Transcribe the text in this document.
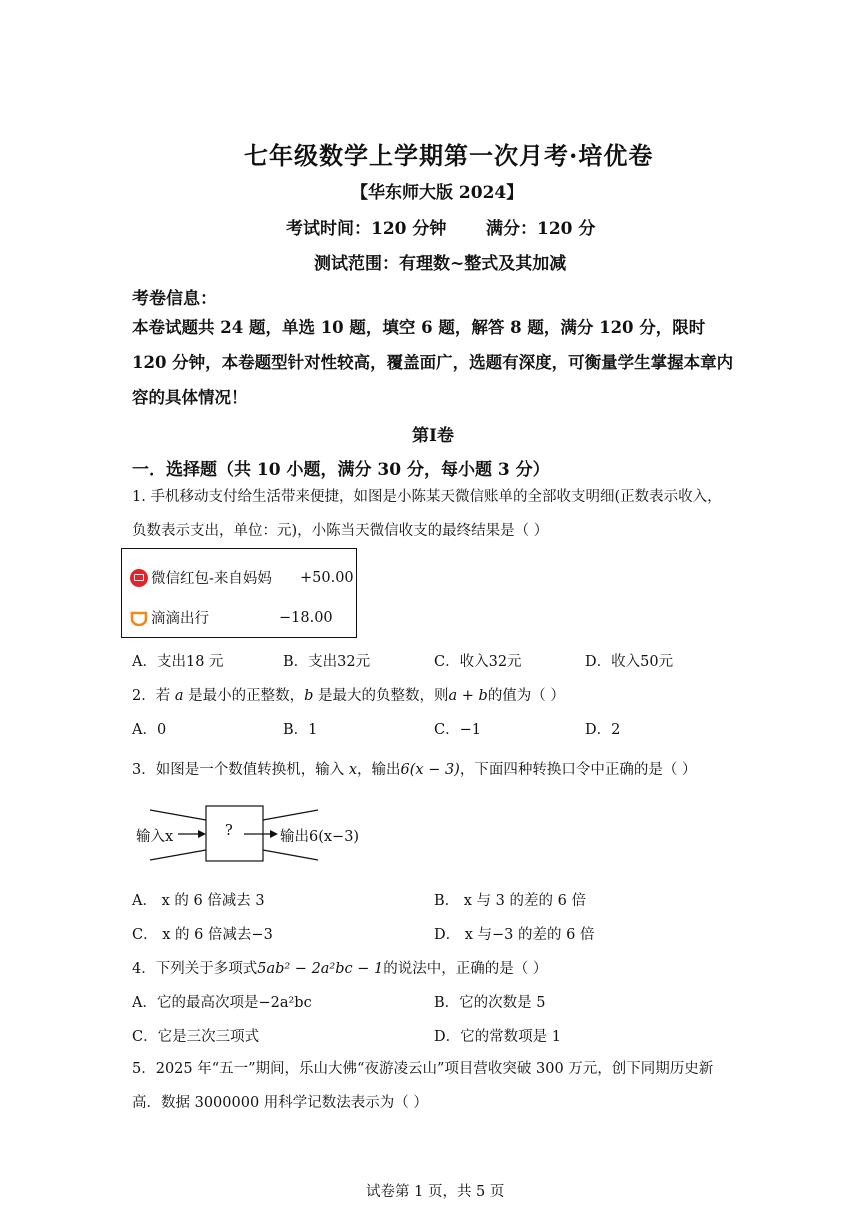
七年级数学上学期第一次月考·培优卷
【华东师大版 2024】
考试时间：120 分钟 满分：120 分
测试范围：有理数~整式及其加减
考卷信息：
本卷试题共 24 题，单选 10 题，填空 6 题，解答 8 题，满分 120 分，限时 120 分钟，本卷题型针对性较高，覆盖面广，选题有深度，可衡量学生掌握本章内容的具体情况！
第Ⅰ卷
一．选择题（共 10 小题，满分 30 分，每小题 3 分）
1. 手机移动支付给生活带来便捷，如图是小陈某天微信账单的全部收支明细(正数表示收入，负数表示支出，单位：元)，小陈当天微信收支的最终结果是（ ）
微信红包-来自妈妈 +50.00
滴滴出行	−18.00
A．支出18 元	B．支出32元	C．收入32元	D．收入50元
2．若 a 是最小的正整数，b 是最大的负整数，则a + b的值为（ ）
A．0	B．1	C．−1	D．2
3．如图是一个数值转换机，输入 x，输出6(x − 3)，下面四种转换口令中正确的是（ ）
输入x	?	输出6(x−3)
A． x 的 6 倍减去 3	B． x 与 3 的差的 6 倍
C． x 的 6 倍减去−3	D． x 与−3 的差的 6 倍
4．下列关于多项式5ab² − 2a²bc − 1的说法中，正确的是（ ）
A．它的最高次项是−2a²bc	B．它的次数是 5
C．它是三次三项式	D．它的常数项是 1
5．2025 年“五一”期间，乐山大佛“夜游凌云山”项目营收突破 300 万元，创下同期历史新高．数据 3000000 用科学记数法表示为（ ）
试卷第 1 页，共 5 页
